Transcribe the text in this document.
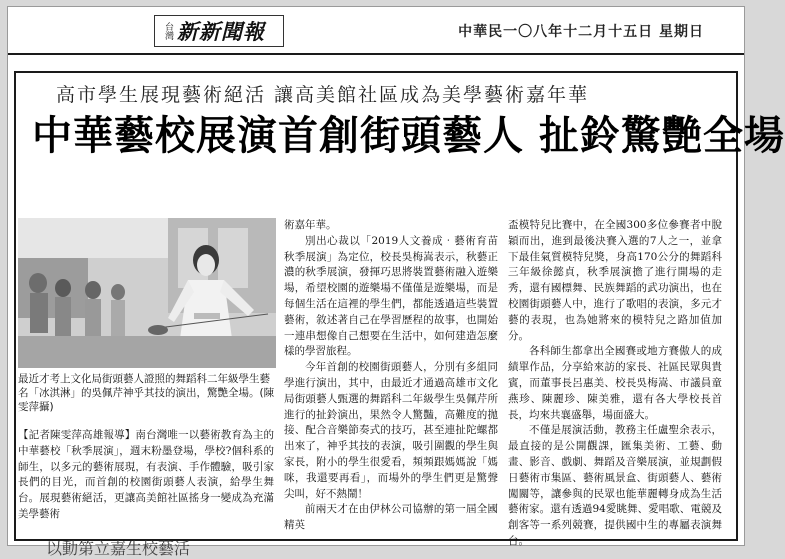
台灣 新新聞報	中華民一〇八年十二月十五日 星期日
高市學生展現藝術絕活 讓高美館社區成為美學藝術嘉年華
中華藝校展演首創街頭藝人 扯鈴驚艷全場
最近才考上文化局街頭藝人證照的舞蹈科二年級學生藝名「冰淇淋」的吳佩芹神乎其技的演出，驚艷全場。(陳雯萍攝)

【記者陳雯萍高雄報導】南台灣唯一以藝術教育為主的中華藝校「秋季展演」，週末粉墨登場，學校?個科系的師生，以多元的藝術展現，有表演、手作體驗，吸引家長們的目光，而首創的校園街頭藝人表演，給學生舞台。展現藝術絕活，更讓高美館社區搖身一變成為充滿美學藝術

術嘉年華。

別出心裁以「2019人文養成‧藝術育苗秋季展演」為定位，校長吳梅嵩表示，秋藝正濃的秋季展演，發揮巧思將裝置藝術融入遊樂場，希望校園的遊樂場不僅僅是遊樂場，而是每個生活在這裡的學生們，都能透過這些裝置藝術，敘述著自己在學習歷程的故事，也開始一連串想像自己想要在生活中，如何建造怎麼樣的學習旅程。

今年首創的校園街頭藝人，分別有多組同學進行演出，其中，由最近才通過高雄市文化局街頭藝人甄選的舞蹈科二年級學生吳佩芹所進行的扯鈴演出，果然令人驚豔，高難度的拋接、配合音樂節奏式的技巧，甚至連扯陀螺都出來了，神乎其技的表演，吸引圍觀的學生與家長，附小的學生很愛看，頻頻跟媽媽說「媽咪，我還要再看」，而場外的學生們更是驚聲尖叫，好不熱鬧！

前兩天才在由伊林公司協辦的第一屆全國精英

盃模特兒比賽中，在全國300多位參賽者中脫穎而出，進到最後決賽入選的7人之一，並拿下最佳氣質模特兒獎，身高170公分的舞蹈科三年級徐懿貞，秋季展演擔了進行開場的走秀，還有國標舞、民族舞蹈的武功演出，也在校園街頭藝人中，進行了歌唱的表演，多元才藝的表現，也為她將來的模特兒之路加值加分。

各科師生都拿出全國賽或地方賽傲人的成績單作品，分享給來訪的家長、社區民眾與貴賓，而董事長呂惠美、校長吳梅嵩、市議員童燕珍、陳麗珍、陳美雅，還有各大學校長首長，均來共襄盛舉，場面盛大。

不僅是展演活動，教務主任盧聖余表示，最直接的是公開觀課，匯集美術、工藝、動畫、影音、戲劇、舞蹈及音樂展演，並規劃假日藝術市集區、藝術風景盒、街頭藝人、藝術闖關等，讓參與的民眾也能華麗轉身成為生活藝術家。還有透過94愛眺舞、愛唱歌、電競及創客等一系列競賽，提供國中生的專屬表演舞台。

以動第立嘉生校藝活
